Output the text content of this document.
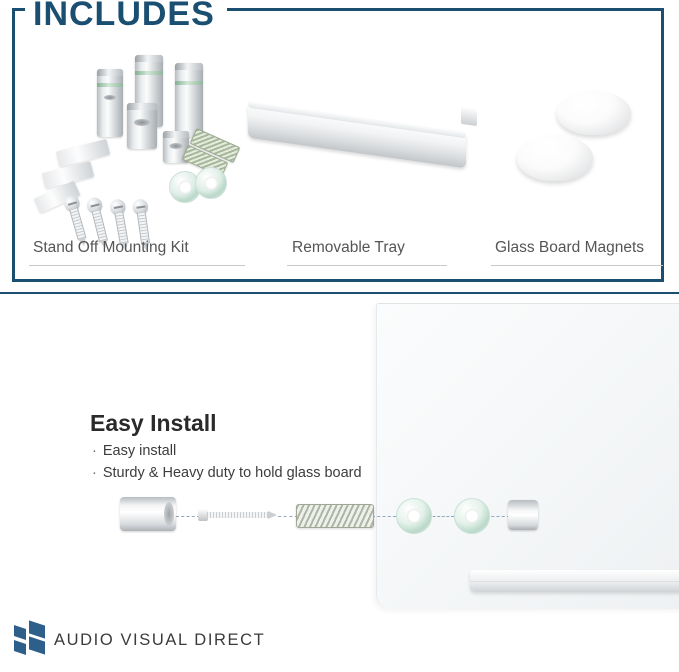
INCLUDES
Stand Off Mounting Kit	Removable Tray	Glass Board Magnets
Easy Install
· Easy install
· Sturdy & Heavy duty to hold glass board
AUDIO VISUAL DIRECT
